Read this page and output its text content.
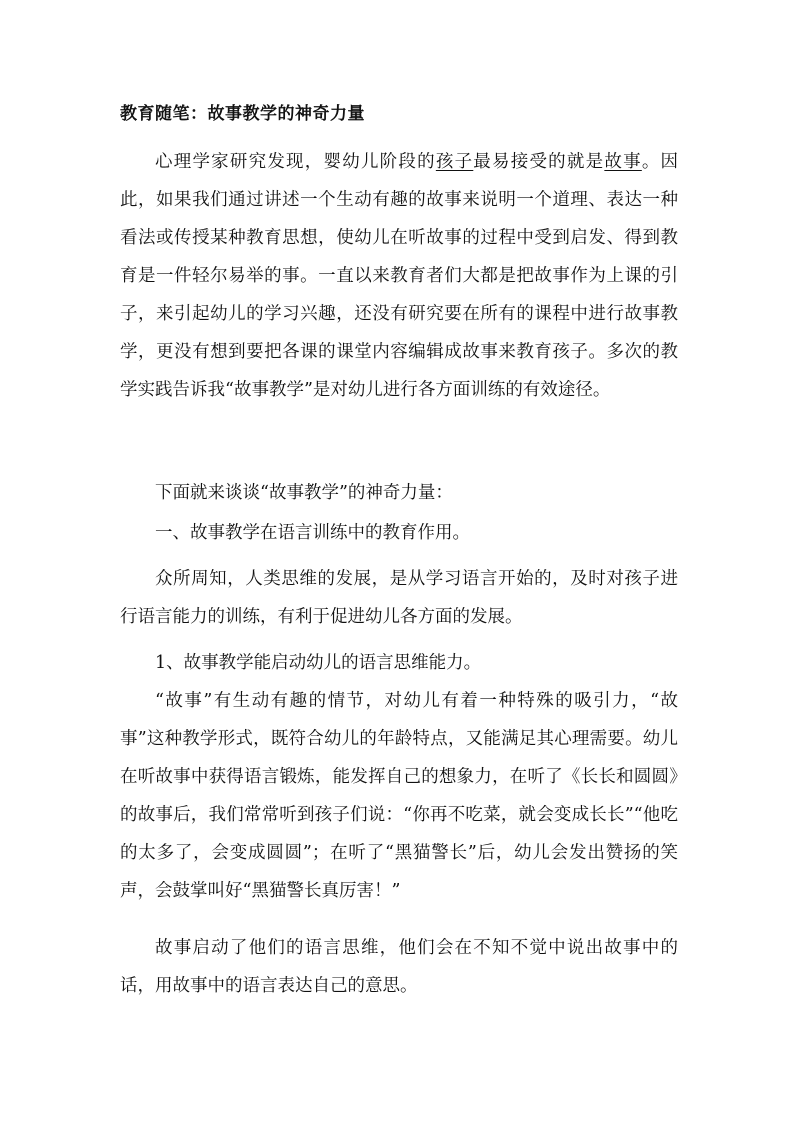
教育随笔：故事教学的神奇力量

心理学家研究发现，婴幼儿阶段的孩子最易接受的就是故事。因此，如果我们通过讲述一个生动有趣的故事来说明一个道理、表达一种看法或传授某种教育思想，使幼儿在听故事的过程中受到启发、得到教育是一件轻尔易举的事。一直以来教育者们大都是把故事作为上课的引子，来引起幼儿的学习兴趣，还没有研究要在所有的课程中进行故事教学，更没有想到要把各课的课堂内容编辑成故事来教育孩子。多次的教学实践告诉我“故事教学”是对幼儿进行各方面训练的有效途径。

下面就来谈谈“故事教学”的神奇力量：

一、故事教学在语言训练中的教育作用。

众所周知，人类思维的发展，是从学习语言开始的，及时对孩子进行语言能力的训练，有利于促进幼儿各方面的发展。

1、故事教学能启动幼儿的语言思维能力。

“故事”有生动有趣的情节，对幼儿有着一种特殊的吸引力，“故事”这种教学形式，既符合幼儿的年龄特点，又能满足其心理需要。幼儿在听故事中获得语言锻炼，能发挥自己的想象力，在听了《长长和圆圆》的故事后，我们常常听到孩子们说：“你再不吃菜，就会变成长长”“他吃的太多了，会变成圆圆”；在听了“黑猫警长”后，幼儿会发出赞扬的笑声，会鼓掌叫好“黑猫警长真厉害！”

故事启动了他们的语言思维，他们会在不知不觉中说出故事中的话，用故事中的语言表达自己的意思。
